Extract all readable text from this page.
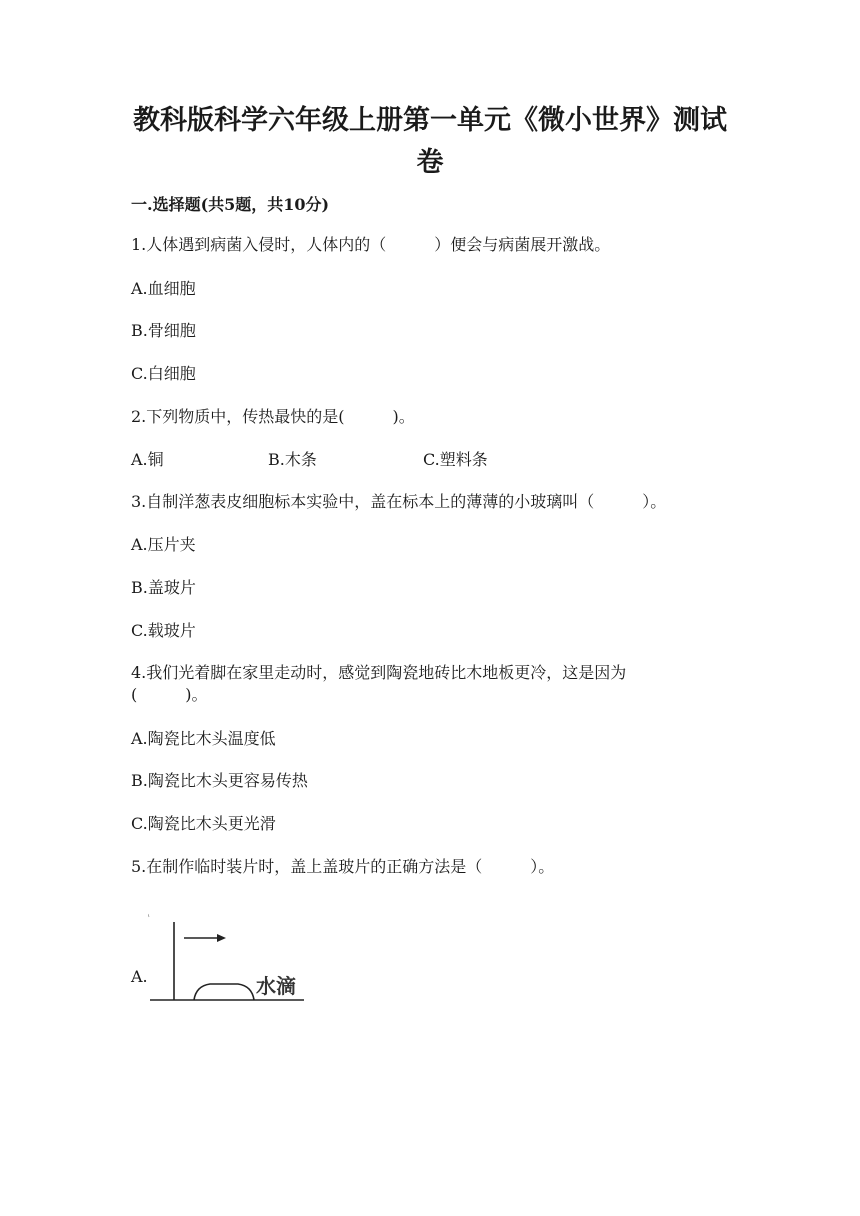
教科版科学六年级上册第一单元《微小世界》测试
卷
一.选择题(共5题，共10分)
1.人体遇到病菌入侵时，人体内的（　　　）便会与病菌展开激战。
A.血细胞
B.骨细胞
C.白细胞
2.下列物质中，传热最快的是(　　　)。
A.铜	B.木条	C.塑料条
3.自制洋葱表皮细胞标本实验中，盖在标本上的薄薄的小玻璃叫（　　　）。
A.压片夹
B.盖玻片
C.载玻片
4.我们光着脚在家里走动时，感觉到陶瓷地砖比木地板更冷，这是因为
(　　　)。
A.陶瓷比木头温度低
B.陶瓷比木头更容易传热
C.陶瓷比木头更光滑
5.在制作临时装片时，盖上盖玻片的正确方法是（　　　）。
A.	水滴
